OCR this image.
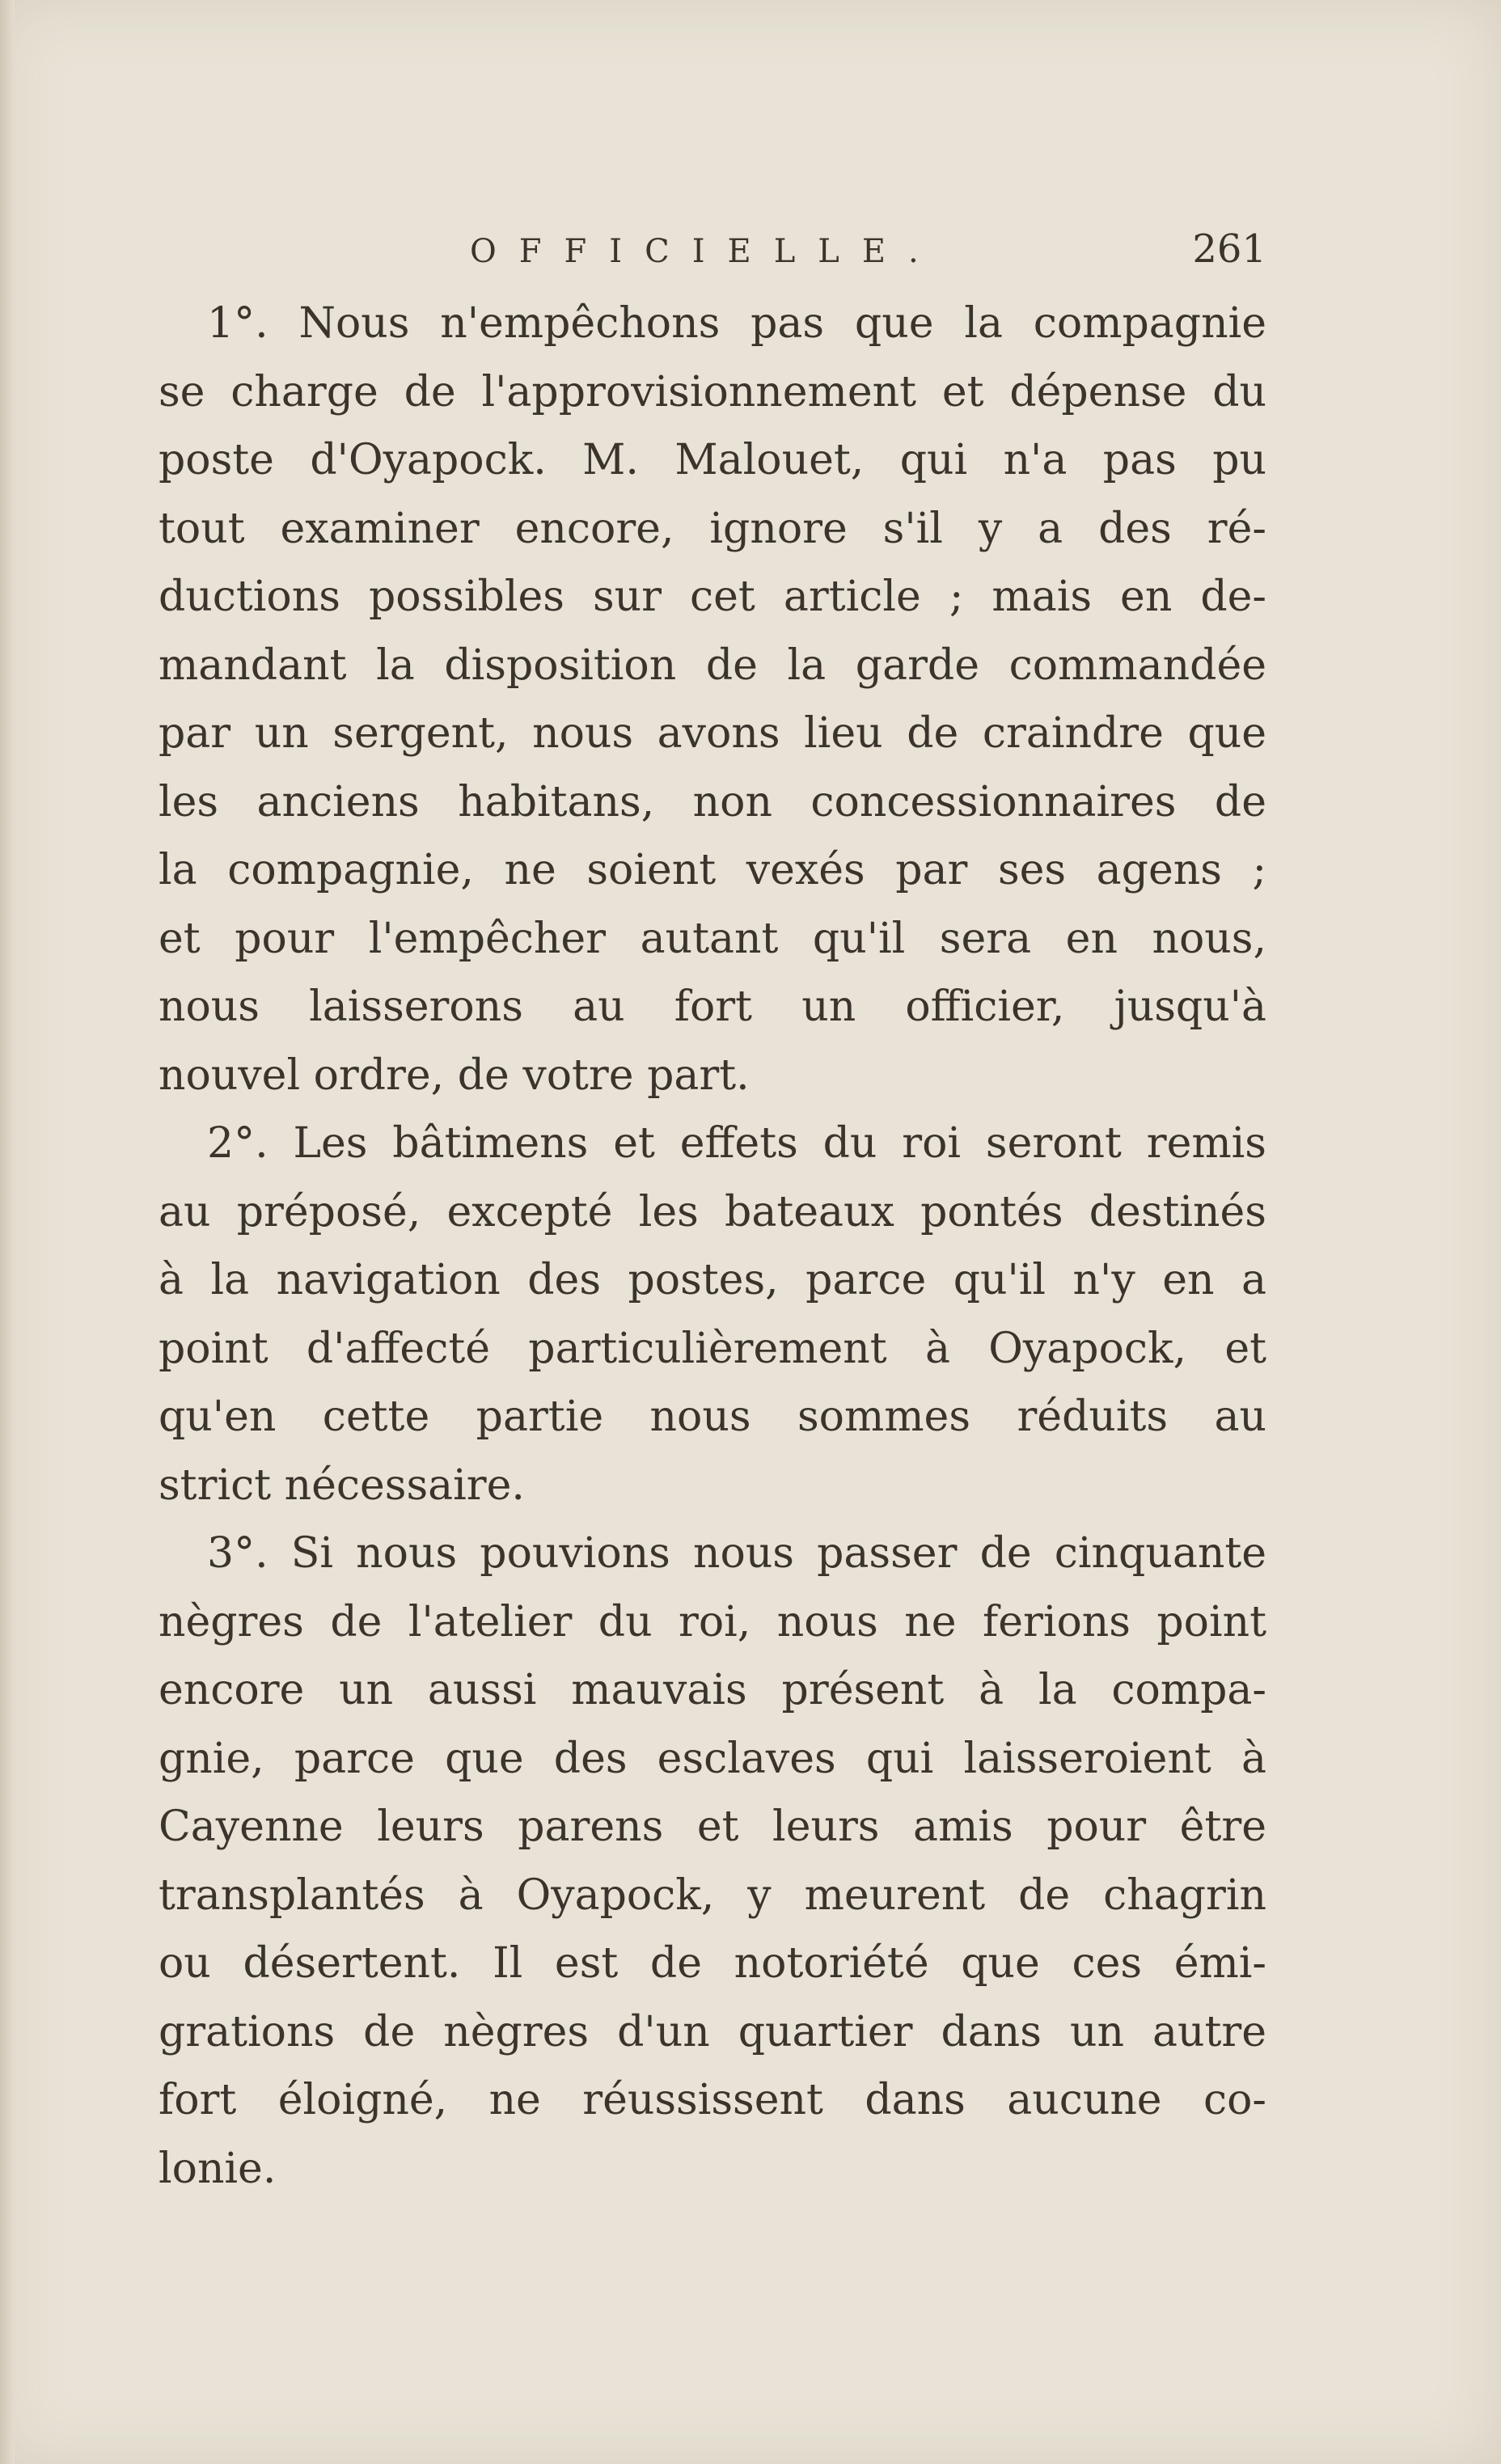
OFFICIELLE.	261

1°. Nous n'empêchons pas que la compagnie
se charge de l'approvisionnement et dépense du
poste d'Oyapock. M. Malouet, qui n'a pas pu
tout examiner encore, ignore s'il y a des ré-
ductions possibles sur cet article ; mais en de-
mandant la disposition de la garde commandée
par un sergent, nous avons lieu de craindre que
les anciens habitans, non concessionnaires de
la compagnie, ne soient vexés par ses agens ;
et pour l'empêcher autant qu'il sera en nous,
nous laisserons au fort un officier, jusqu'à
nouvel ordre, de votre part.

2°. Les bâtimens et effets du roi seront remis
au préposé, excepté les bateaux pontés destinés
à la navigation des postes, parce qu'il n'y en a
point d'affecté particulièrement à Oyapock, et
qu'en cette partie nous sommes réduits au
strict nécessaire.

3°. Si nous pouvions nous passer de cinquante
nègres de l'atelier du roi, nous ne ferions point
encore un aussi mauvais présent à la compa-
gnie, parce que des esclaves qui laisseroient à
Cayenne leurs parens et leurs amis pour être
transplantés à Oyapock, y meurent de chagrin
ou désertent. Il est de notoriété que ces émi-
grations de nègres d'un quartier dans un autre
fort éloigné, ne réussissent dans aucune co-
lonie.
